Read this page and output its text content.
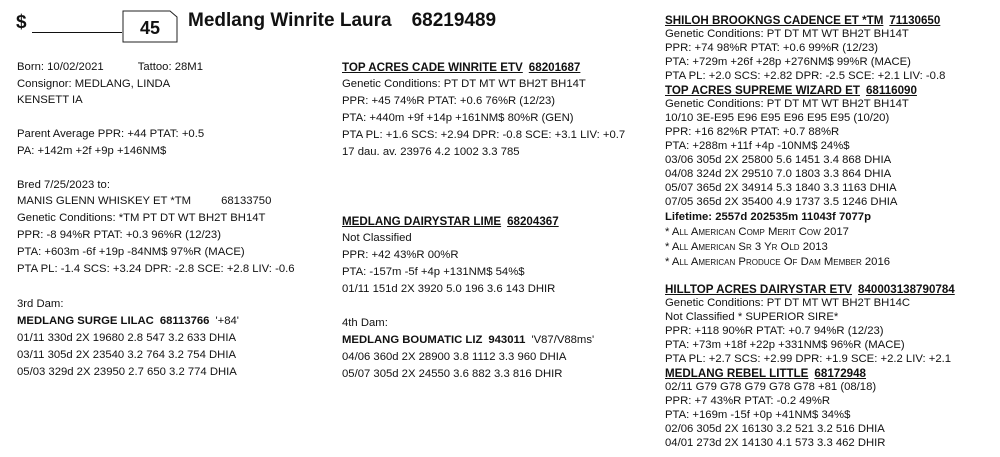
$	45	Medlang Winrite Laura 68219489
Born: 10/02/2021	Tattoo: 28M1
Consignor: MEDLANG, LINDA
KENSETT IA
Parent Average PPR: +44 PTAT: +0.5
PA: +142m +2f +9p +146NM$
Bred 7/25/2023 to:
MANIS GLENN WHISKEY ET *TM	68133750
Genetic Conditions: *TM PT DT WT BH2T BH14T
PPR: -8 94%R PTAT: +0.3 96%R (12/23)
PTA: +603m -6f +19p -84NM$ 97%R (MACE)
PTA PL: -1.4 SCS: +3.24 DPR: -2.8 SCE: +2.8 LIV: -0.6
3rd Dam:
MEDLANG SURGE LILAC 68113766 '+84'
01/11 330d 2X 19680 2.8 547 3.2 633 DHIA
03/11 305d 2X 23540 3.2 764 3.2 754 DHIA
05/03 329d 2X 23950 2.7 650 3.2 774 DHIA
TOP ACRES CADE WINRITE ETV 68201687
Genetic Conditions: PT DT MT WT BH2T BH14T
PPR: +45 74%R PTAT: +0.6 76%R (12/23)
PTA: +440m +9f +14p +161NM$ 80%R (GEN)
PTA PL: +1.6 SCS: +2.94 DPR: -0.8 SCE: +3.1 LIV: +0.7
17 dau. av. 23976 4.2 1002 3.3 785
MEDLANG DAIRYSTAR LIME 68204367
Not Classified
PPR: +42 43%R 00%R
PTA: -157m -5f +4p +131NM$ 54%$
01/11 151d 2X 3920 5.0 196 3.6 143 DHIR
4th Dam:
MEDLANG BOUMATIC LIZ 943011 'V87/V88ms'
04/06 360d 2X 28900 3.8 1112 3.3 960 DHIA
05/07 305d 2X 24550 3.6 882 3.3 816 DHIR
SHILOH BROOKNGS CADENCE ET *TM 71130650
Genetic Conditions: PT DT MT WT BH2T BH14T
PPR: +74 98%R PTAT: +0.6 99%R (12/23)
PTA: +729m +26f +28p +276NM$ 99%R (MACE)
PTA PL: +2.0 SCS: +2.82 DPR: -2.5 SCE: +2.1 LIV: -0.8
TOP ACRES SUPREME WIZARD ET 68116090
Genetic Conditions: PT DT MT WT BH2T BH14T
10/10 3E-E95 E96 E95 E96 E95 E95 (10/20)
PPR: +16 82%R PTAT: +0.7 88%R
PTA: +288m +11f +4p -10NM$ 24%$
03/06 305d 2X 25800 5.6 1451 3.4 868 DHIA
04/08 324d 2X 29510 7.0 1803 3.3 864 DHIA
05/07 365d 2X 34914 5.3 1840 3.3 1163 DHIA
07/05 365d 2X 35400 4.9 1737 3.5 1246 DHIA
Lifetime: 2557d 202535m 11043f 7077p
* All American Comp Merit Cow 2017
* All American Sr 3 Yr Old 2013
* All American Produce Of Dam Member 2016
HILLTOP ACRES DAIRYSTAR ETV 840003138790784
Genetic Conditions: PT DT MT WT BH2T BH14C
Not Classified * SUPERIOR SIRE*
PPR: +118 90%R PTAT: +0.7 94%R (12/23)
PTA: +73m +18f +22p +331NM$ 96%R (MACE)
PTA PL: +2.7 SCS: +2.99 DPR: +1.9 SCE: +2.2 LIV: +2.1
MEDLANG REBEL LITTLE 68172948
02/11 G79 G78 G79 G78 G78 +81 (08/18)
PPR: +7 43%R PTAT: -0.2 49%R
PTA: +169m -15f +0p +41NM$ 34%$
02/06 305d 2X 16130 3.2 521 3.2 516 DHIA
04/01 273d 2X 14130 4.1 573 3.3 462 DHIR
